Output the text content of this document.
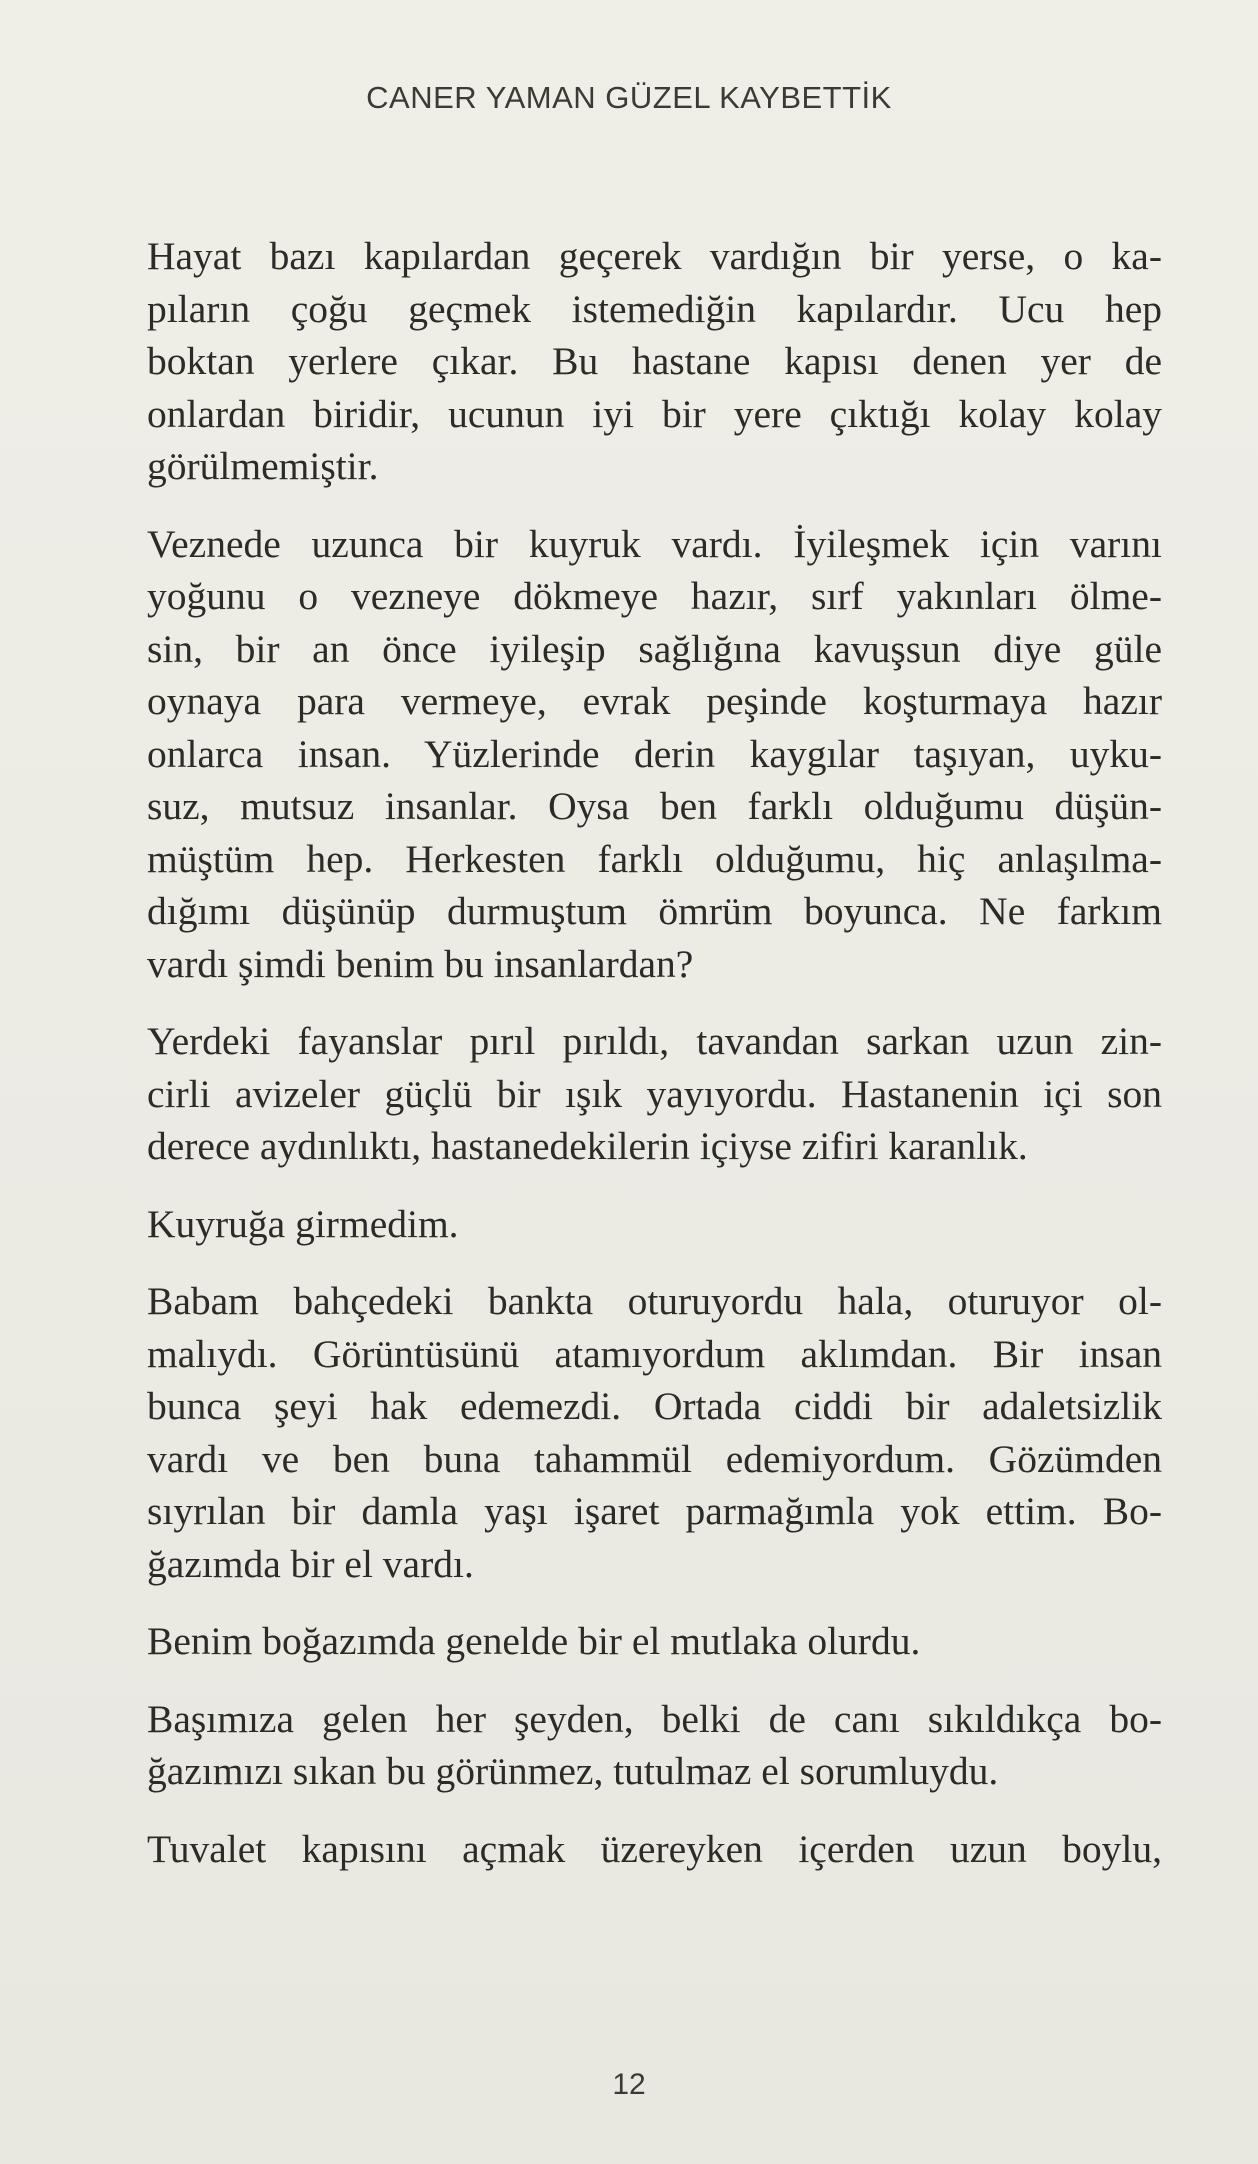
CANER YAMAN GÜZEL KAYBETTİK
Hayat bazı kapılardan geçerek vardığın bir yerse, o ka-
pıların çoğu geçmek istemediğin kapılardır. Ucu hep
boktan yerlere çıkar. Bu hastane kapısı denen yer de
onlardan biridir, ucunun iyi bir yere çıktığı kolay kolay
görülmemiştir.
Veznede uzunca bir kuyruk vardı. İyileşmek için varını
yoğunu o vezneye dökmeye hazır, sırf yakınları ölme-
sin, bir an önce iyileşip sağlığına kavuşsun diye güle
oynaya para vermeye, evrak peşinde koşturmaya hazır
onlarca insan. Yüzlerinde derin kaygılar taşıyan, uyku-
suz, mutsuz insanlar. Oysa ben farklı olduğumu düşün-
müştüm hep. Herkesten farklı olduğumu, hiç anlaşılma-
dığımı düşünüp durmuştum ömrüm boyunca. Ne farkım
vardı şimdi benim bu insanlardan?
Yerdeki fayanslar pırıl pırıldı, tavandan sarkan uzun zin-
cirli avizeler güçlü bir ışık yayıyordu. Hastanenin içi son
derece aydınlıktı, hastanedekilerin içiyse zifiri karanlık.
Kuyruğa girmedim.
Babam bahçedeki bankta oturuyordu hala, oturuyor ol-
malıydı. Görüntüsünü atamıyordum aklımdan. Bir insan
bunca şeyi hak edemezdi. Ortada ciddi bir adaletsizlik
vardı ve ben buna tahammül edemiyordum. Gözümden
sıyrılan bir damla yaşı işaret parmağımla yok ettim. Bo-
ğazımda bir el vardı.
Benim boğazımda genelde bir el mutlaka olurdu.
Başımıza gelen her şeyden, belki de canı sıkıldıkça bo-
ğazımızı sıkan bu görünmez, tutulmaz el sorumluydu.
Tuvalet kapısını açmak üzereyken içerden uzun boylu,
12
